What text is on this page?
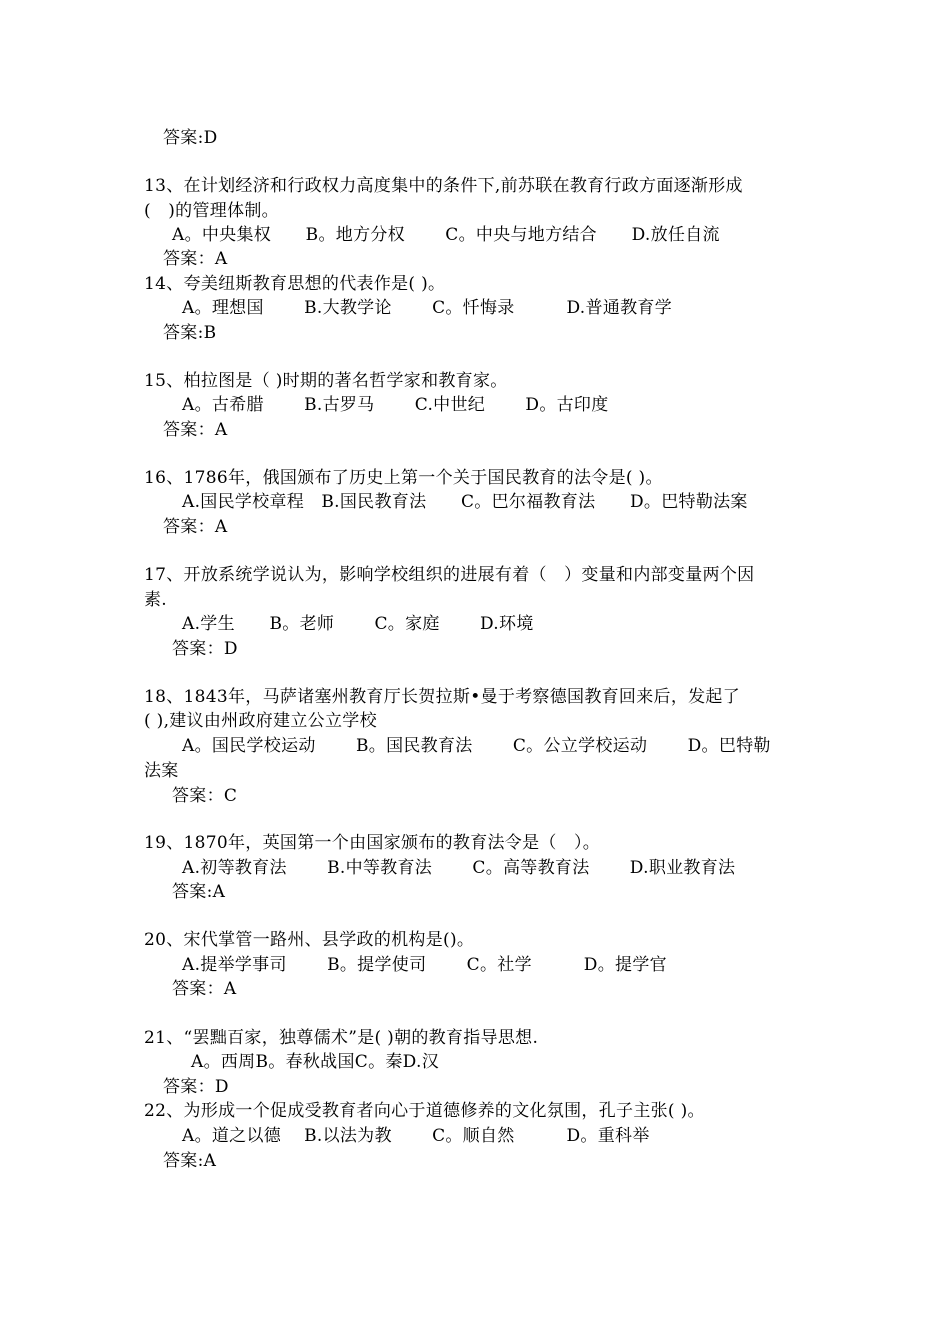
答案:D
13、在计划经济和行政权力高度集中的条件下,前苏联在教育行政方面逐渐形成
(　)的管理体制。
A。中央集权　　B。地方分权　　 C。中央与地方结合　　D.放任自流
答案：A
14、夸美纽斯教育思想的代表作是( )。
A。理想国　　 B.大教学论　　 C。忏悔录　　　D.普通教育学
答案:B
15、柏拉图是（ )时期的著名哲学家和教育家。
A。古希腊　　 B.古罗马　　 C.中世纪　　 D。古印度
答案：A
16、1786年，俄国颁布了历史上第一个关于国民教育的法令是( )。
A.国民学校章程　B.国民教育法　　C。巴尔福教育法　　D。巴特勒法案
答案：A
17、开放系统学说认为，影响学校组织的进展有着（　）变量和内部变量两个因
素.
A.学生　　B。老师　　 C。家庭　　 D.环境
答案：D
18、1843年，马萨诸塞州教育厅长贺拉斯•曼于考察德国教育回来后，发起了
( ),建议由州政府建立公立学校
A。国民学校运动　　 B。国民教育法　　 C。公立学校运动　　 D。巴特勒
法案
答案：C
19、1870年，英国第一个由国家颁布的教育法令是（　）。
A.初等教育法　　 B.中等教育法　　 C。高等教育法　　 D.职业教育法
答案:A
20、宋代掌管一路州、县学政的机构是()。
A.提举学事司　　 B。提学使司　　 C。社学　　　D。提学官
答案：A
21、“罢黜百家，独尊儒术”是( )朝的教育指导思想.
A。西周B。春秋战国C。秦D.汉
答案：D
22、为形成一个促成受教育者向心于道德修养的文化氛围，孔子主张( )。
A。道之以德　 B.以法为教　　 C。顺自然　　　D。重科举
答案:A
